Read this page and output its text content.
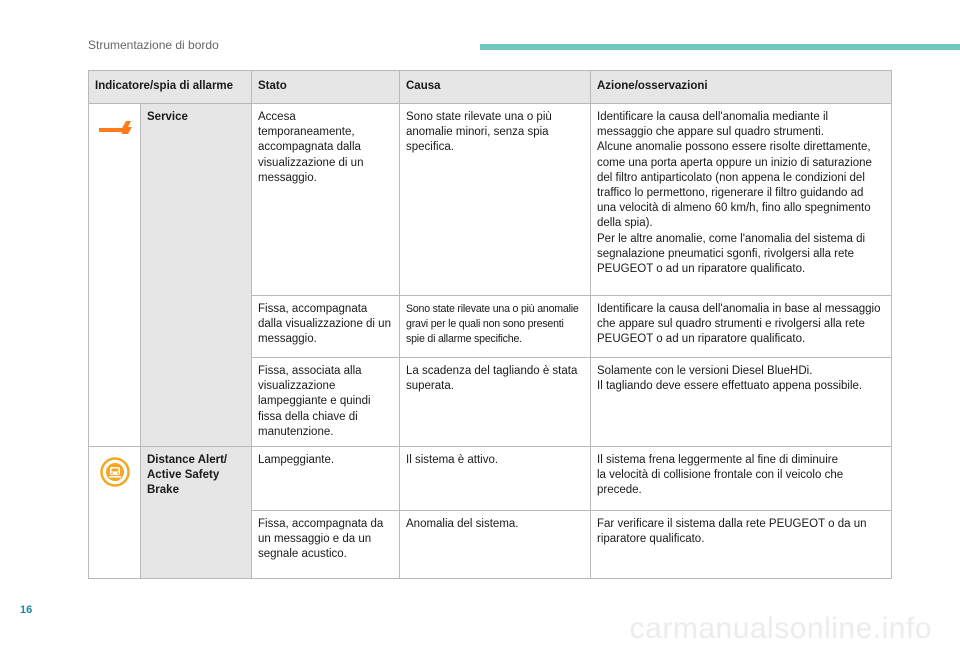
Strumentazione di bordo
Indicatore/spia di allarme		Stato	Causa	Azione/osservazioni

	Service	Accesa temporaneamente, accompagnata dalla visualizzazione di un messaggio.	Sono state rilevate una o più anomalie minori, senza spia specifica.	Identificare la causa dell'anomalia mediante il messaggio che appare sul quadro strumenti.
Alcune anomalie possono essere risolte direttamente, come una porta aperta oppure un inizio di saturazione del filtro antiparticolato (non appena le condizioni del traffico lo permettono, rigenerare il filtro guidando ad una velocità di almeno 60 km/h, fino allo spegnimento della spia).
Per le altre anomalie, come l'anomalia del sistema di segnalazione pneumatici sgonfi, rivolgersi alla rete PEUGEOT o ad un riparatore qualificato.
		Fissa, accompagnata dalla visualizzazione di un messaggio.	Sono state rilevate una o più anomalie gravi per le quali non sono presenti spie di allarme specifiche.	Identificare la causa dell'anomalia in base al messaggio che appare sul quadro strumenti e rivolgersi alla rete PEUGEOT o ad un riparatore qualificato.
		Fissa, associata alla visualizzazione lampeggiante e quindi fissa della chiave di manutenzione.	La scadenza del tagliando è stata superata.	Solamente con le versioni Diesel BlueHDi.
Il tagliando deve essere effettuato appena possibile.

	Distance Alert/
Active Safety
Brake	Lampeggiante.	Il sistema è attivo.	Il sistema frena leggermente al fine di diminuire
la velocità di collisione frontale con il veicolo che precede.
		Fissa, accompagnata da un messaggio e da un segnale acustico.	Anomalia del sistema.	Far verificare il sistema dalla rete PEUGEOT o da un riparatore qualificato.
16
carmanualsonline.info
